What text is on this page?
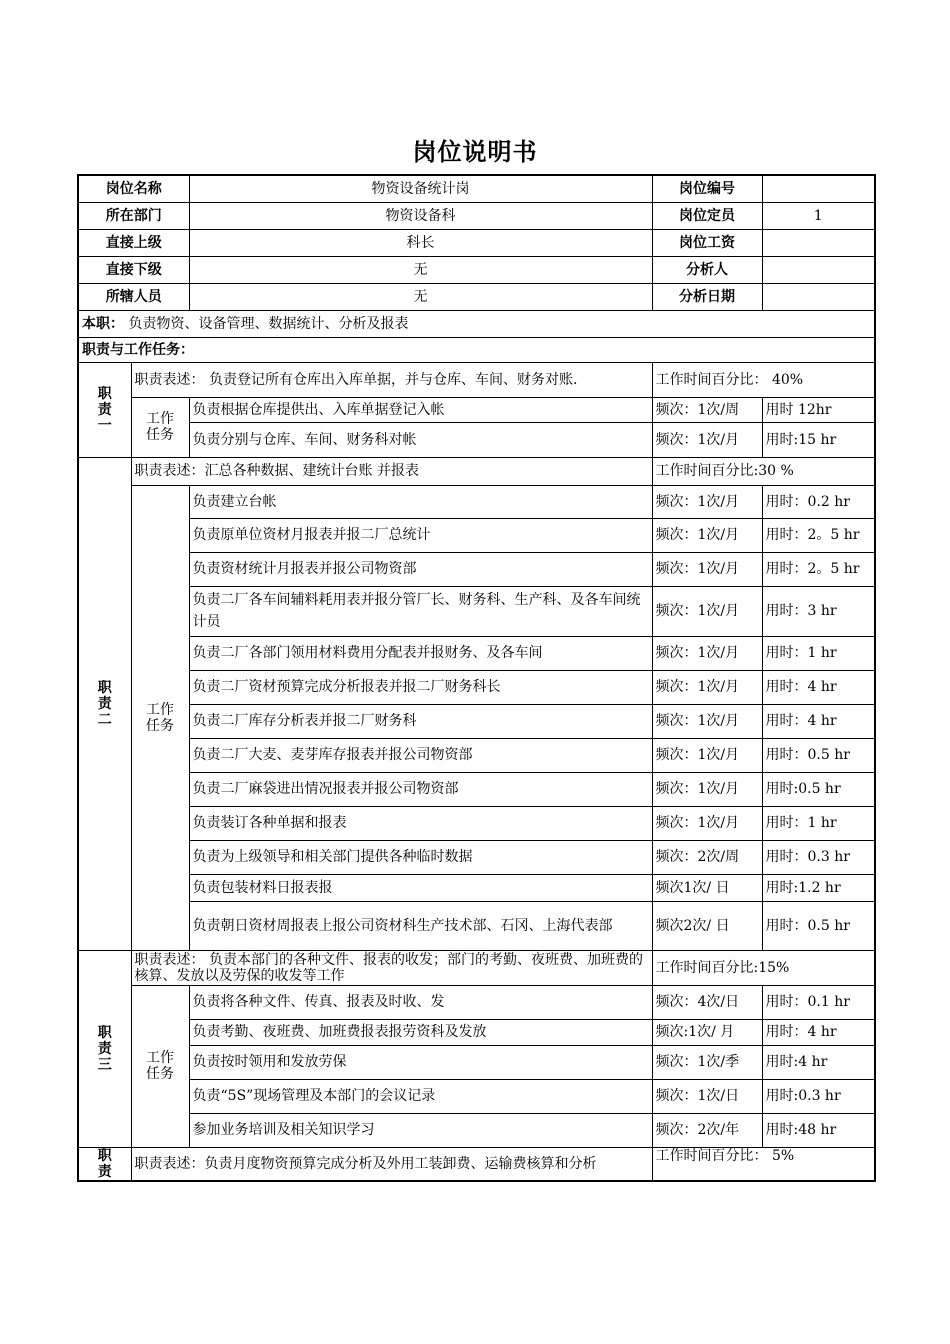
岗位说明书
岗位名称		物资设备统计岗	岗位编号	
所在部门		物资设备科	岗位定员	1
直接上级		科长	岗位工资	
直接下级		无	分析人	
所辖人员		无	分析日期	
本职： 负责物资、设备管理、数据统计、分析及报表				
职责与工作任务：				

职责一	职责表述： 负责登记所有仓库出入库单据，并与仓库、车间、财务对账.		工作时间百分比： 40%	

	工作任务	负责根据仓库提供出、入库单据登记入帐	频次：1次/周	用时 12hr
		负责分别与仓库、车间、财务科对帐	频次：1次/月	用时:15 hr

职责二	职责表述：汇总各种数据、建统计台账 并报表		工作时间百分比:30 %	

	工作任务	负责建立台帐	频次：1次/月	用时：0.2 hr
		负责原单位资材月报表并报二厂总统计	频次：1次/月	用时：2。5 hr
		负责资材统计月报表并报公司物资部	频次：1次/月	用时：2。5 hr
		负责二厂各车间辅料耗用表并报分管厂长、财务科、生产科、及各车间统计员	频次：1次/月	用时：3 hr
		负责二厂各部门领用材料费用分配表并报财务、及各车间	频次：1次/月	用时：1 hr
		负责二厂资材预算完成分析报表并报二厂财务科长	频次：1次/月	用时：4 hr
		负责二厂库存分析表并报二厂财务科	频次：1次/月	用时：4 hr
		负责二厂大麦、麦芽库存报表并报公司物资部	频次：1次/月	用时：0.5 hr
		负责二厂麻袋进出情况报表并报公司物资部	频次：1次/月	用时:0.5 hr
		负责装订各种单据和报表	频次：1次/月	用时：1 hr
		负责为上级领导和相关部门提供各种临时数据	频次：2次/周	用时：0.3 hr
		负责包装材料日报表报	频次1次/ 日	用时:1.2 hr
		负责朝日资材周报表上报公司资材科生产技术部、石冈、上海代表部	频次2次/ 日	用时：0.5 hr

职责三	职责表述： 负责本部门的各种文件、报表的收发；部门的考勤、夜班费、加班费的核算、发放以及劳保的收发等工作		工作时间百分比:15%	

	工作任务	负责将各种文件、传真、报表及时收、发	频次：4次/日	用时：0.1 hr
		负责考勤、夜班费、加班费报表报劳资科及发放	频次:1次/ 月	用时：4 hr
		负责按时领用和发放劳保	频次：1次/季	用时:4 hr
		负责“5S”现场管理及本部门的会议记录	频次：1次/日	用时:0.3 hr
		参加业务培训及相关知识学习	频次：2次/年	用时:48 hr

职责	职责表述：负责月度物资预算完成分析及外用工装卸费、运输费核算和分析		工作时间百分比： 5%	
